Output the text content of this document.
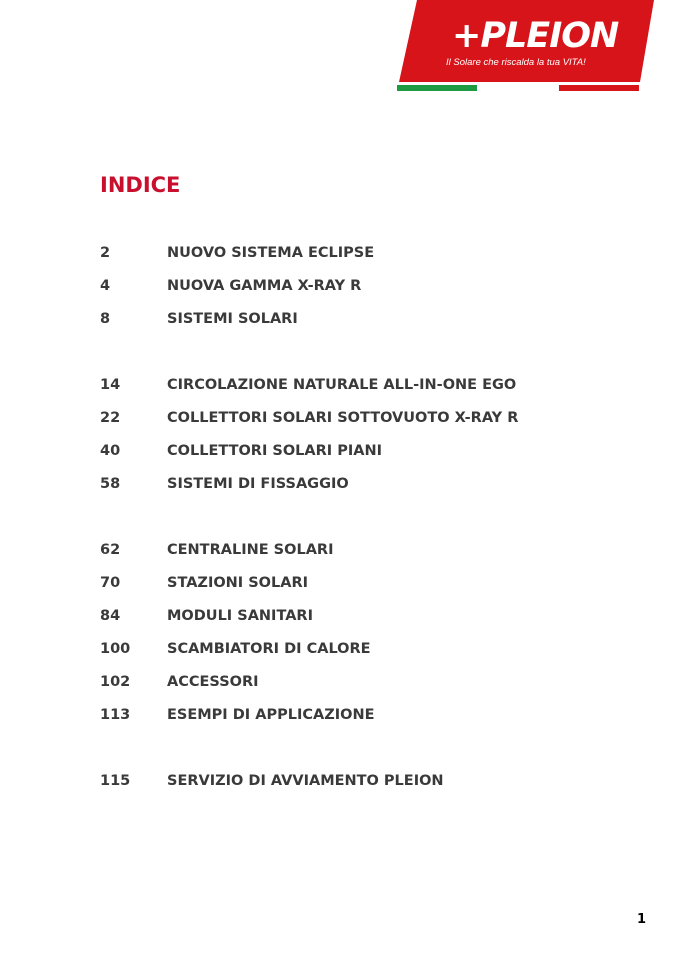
+PLEION
Il Solare che riscalda la tua VITA!
INDICE
2	NUOVO SISTEMA ECLIPSE
4	NUOVA GAMMA X-RAY R
8	SISTEMI SOLARI
14	CIRCOLAZIONE NATURALE ALL-IN-ONE EGO
22	COLLETTORI SOLARI SOTTOVUOTO X-RAY R
40	COLLETTORI SOLARI PIANI
58	SISTEMI DI FISSAGGIO
62	CENTRALINE SOLARI
70	STAZIONI SOLARI
84	MODULI SANITARI
100	SCAMBIATORI DI CALORE
102	ACCESSORI
113	ESEMPI DI APPLICAZIONE
115	SERVIZIO DI AVVIAMENTO PLEION
1
